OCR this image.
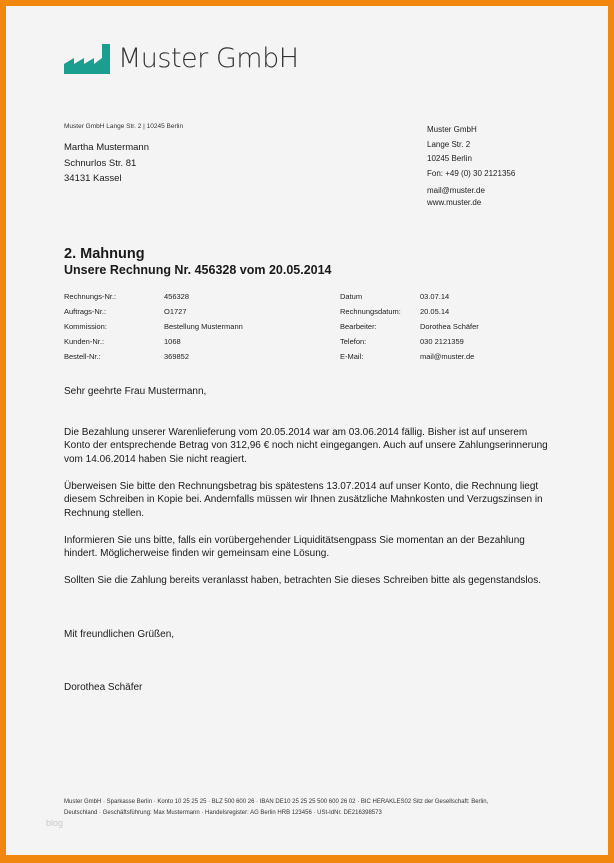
Muster GmbH
Muster GmbH Lange Str. 2 | 10245 Berlin
Martha Mustermann
Schnurlos Str. 81
34131 Kassel
Muster GmbH
Lange Str. 2
10245 Berlin
Fon: +49 (0) 30 2121356
mail@muster.de
www.muster.de
2. Mahnung
Unsere Rechnung Nr. 456328 vom 20.05.2014
Rechnungs-Nr.:	456328	Datum	03.07.14
Auftrags-Nr.:	O1727	Rechnungsdatum:	20.05.14
Kommission:	Bestellung Mustermann	Bearbeiter:	Dorothea Schäfer
Kunden-Nr.:	1068	Telefon:	030 2121359
Bestell-Nr.:	369852	E-Mail:	mail@muster.de

Sehr geehrte Frau Mustermann,

Die Bezahlung unserer Warenlieferung vom 20.05.2014 war am 03.06.2014 fällig. Bisher ist auf unserem Konto der entsprechende Betrag von 312,96 € noch nicht eingegangen. Auch auf unsere Zahlungserinnerung vom 14.06.2014 haben Sie nicht reagiert.

Überweisen Sie bitte den Rechnungsbetrag bis spätestens 13.07.2014 auf unser Konto, die Rechnung liegt diesem Schreiben in Kopie bei. Andernfalls müssen wir Ihnen zusätzliche Mahnkosten und Verzugszinsen in Rechnung stellen.

Informieren Sie uns bitte, falls ein vorübergehender Liquiditätsengpass Sie momentan an der Bezahlung hindert. Möglicherweise finden wir gemeinsam eine Lösung.

Sollten Sie die Zahlung bereits veranlasst haben, betrachten Sie dieses Schreiben bitte als gegenstandslos.

Mit freundlichen Grüßen,

Dorothea Schäfer

Muster GmbH · Sparkasse Berlin · Konto 10 25 25 25 · BLZ 500 600 26 · IBAN DE10 25 25 25 500 600 26 02 · BIC HERAKLES02 Sitz der Gesellschaft: Berlin,
Deutschland · Geschäftsführung: Max Mustermann · Handelsregister: AG Berlin HRB 123456 · USt-IdNr. DE216398573
blog
